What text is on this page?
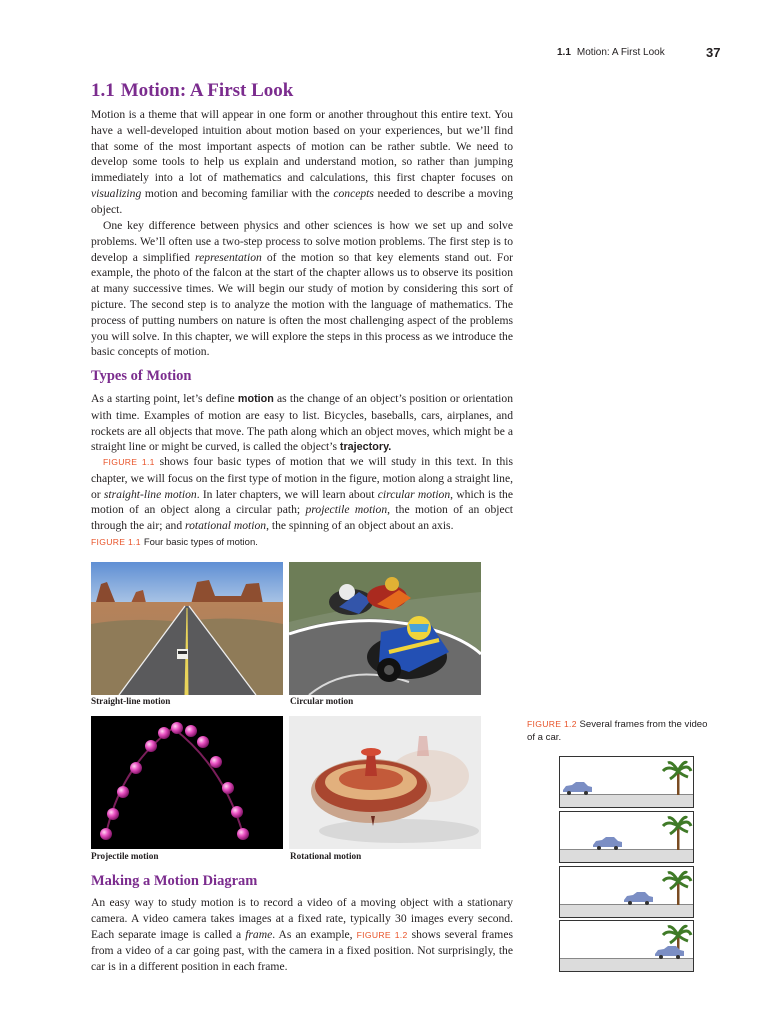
1.1 Motion: A First Look	37
1.1 Motion: A First Look

Motion is a theme that will appear in one form or another throughout this entire text. You have a well-developed intuition about motion based on your experiences, but we’ll find that some of the most important aspects of motion can be rather subtle. We need to develop some tools to help us explain and understand motion, so rather than jumping immediately into a lot of mathematics and calculations, this first chapter focuses on visualizing motion and becoming familiar with the concepts needed to describe a moving object.

One key difference between physics and other sciences is how we set up and solve problems. We’ll often use a two-step process to solve motion problems. The first step is to develop a simplified representation of the motion so that key elements stand out. For example, the photo of the falcon at the start of the chapter allows us to observe its position at many successive times. We will begin our study of motion by considering this sort of picture. The second step is to analyze the motion with the language of mathematics. The process of putting numbers on nature is often the most challenging aspect of the problems you will solve. In this chapter, we will explore the steps in this process as we introduce the basic concepts of motion.

Types of Motion

As a starting point, let’s define motion as the change of an object’s position or orientation with time. Examples of motion are easy to list. Bicycles, baseballs, cars, airplanes, and rockets are all objects that move. The path along which an object moves, which might be a straight line or might be curved, is called the object’s trajectory.

FIGURE 1.1 shows four basic types of motion that we will study in this text. In this chapter, we will focus on the first type of motion in the figure, motion along a straight line, or straight-line motion. In later chapters, we will learn about circular motion, which is the motion of an object along a circular path; projectile motion, the motion of an object through the air; and rotational motion, the spinning of an object about an axis.

FIGURE 1.1 Four basic types of motion.
Straight-line motion	Circular motion
Projectile motion	Rotational motion
FIGURE 1.2 Several frames from the video of a car.
Making a Motion Diagram

An easy way to study motion is to record a video of a moving object with a stationary camera. A video camera takes images at a fixed rate, typically 30 images every second. Each separate image is called a frame. As an example, FIGURE 1.2 shows several frames from a video of a car going past, with the camera in a fixed position. Not surprisingly, the car is in a different position in each frame.
